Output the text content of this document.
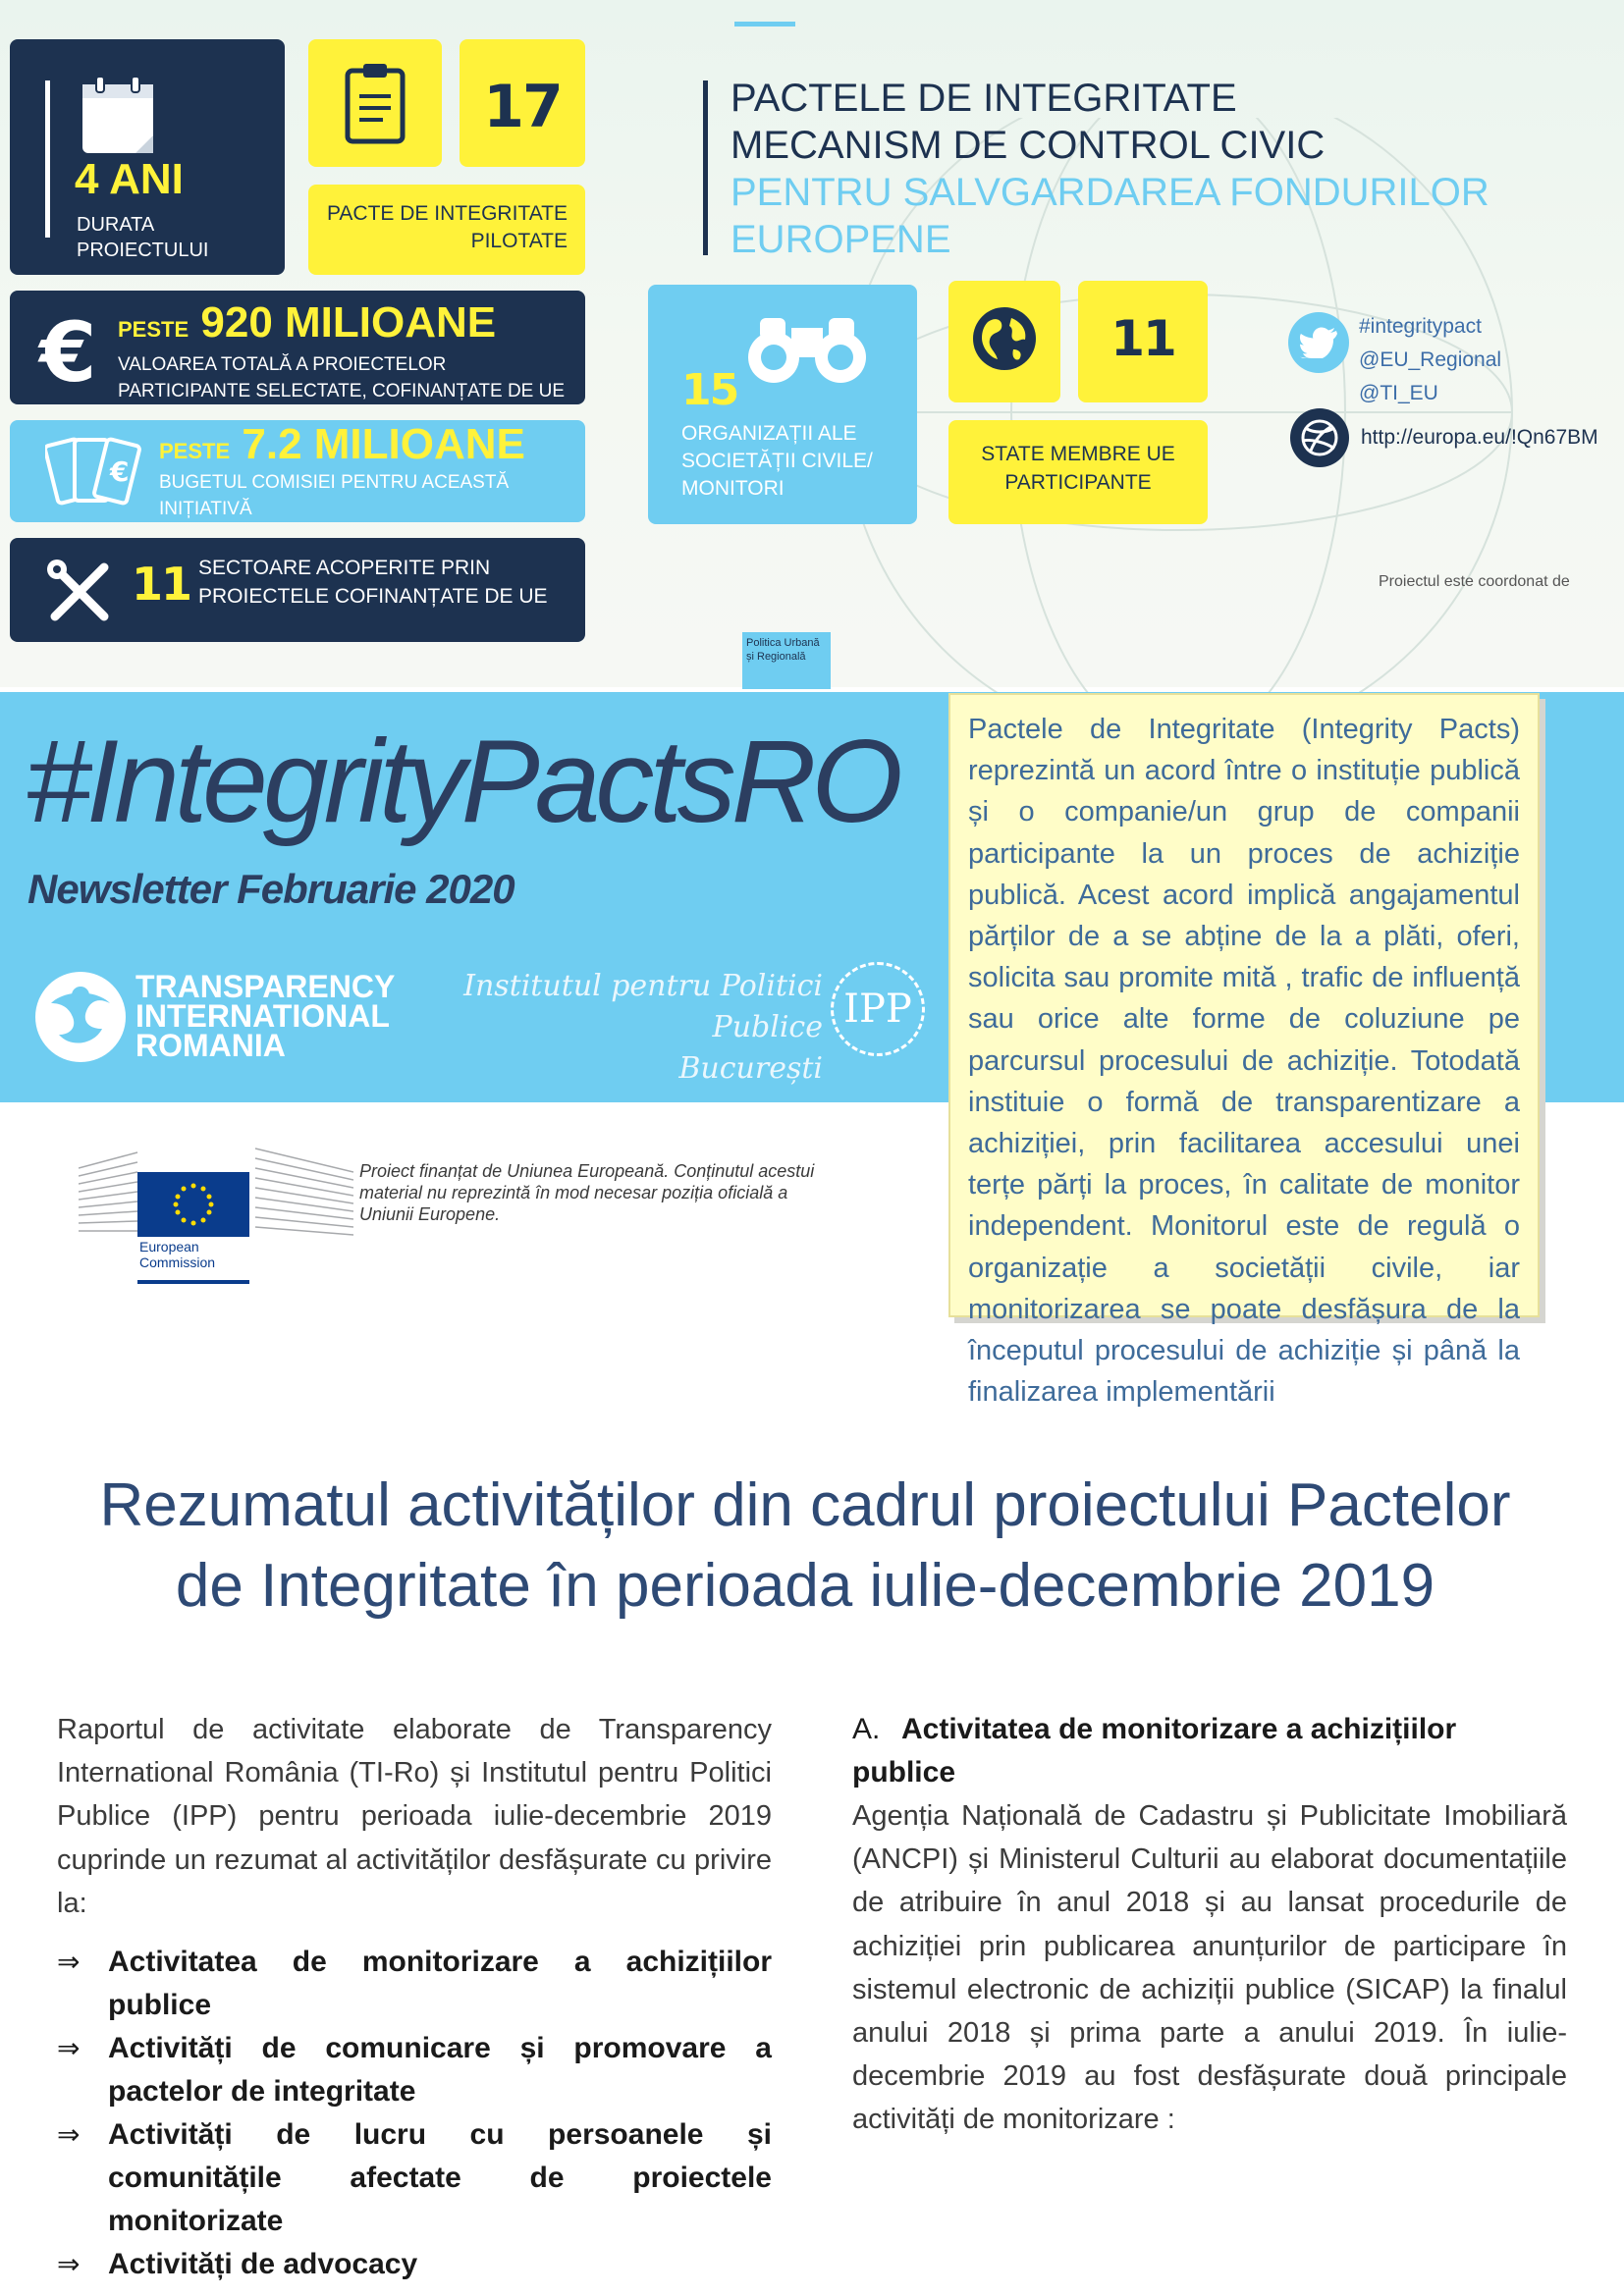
4 ANI
DURATA PROIECTULUI
17
PACTE DE INTEGRITATE PILOTATE
€ PESTE 920 MILIOANE
VALOAREA TOTALĂ A PROIECTELOR PARTICIPANTE SELECTATE, COFINANȚATE DE UE
€
PESTE 7.2 MILIOANE
BUGETUL COMISIEI PENTRU ACEASTĂ INIȚIATIVĂ
11 SECTOARE ACOPERITE PRIN PROIECTELE COFINANȚATE DE UE
PACTELE DE INTEGRITATE
MECANISM DE CONTROL CIVIC
PENTRU SALVGARDAREA FONDURILOR
EUROPENE
15
ORGANIZAȚII ALE SOCIETĂȚII CIVILE/ MONITORI
11
STATE MEMBRE UE PARTICIPANTE
#integritypact
@EU_Regional
@TI_EU
http://europa.eu/!Qn67BM
Proiectul este coordonat de
Politica Urbană și Regională
#IntegrityPactsRO
Newsletter Februarie 2020
TRANSPARENCY
INTERNATIONAL
ROMANIA
Institutul pentru Politici Publice
București
IPP
European
Commission
Proiect finanțat de Uniunea Europeană. Conținutul acestui material nu reprezintă în mod necesar poziția oficială a Uniunii Europene.

Pactele de Integritate (Integrity Pacts) reprezintă un acord între o instituție publică și o companie/un grup de companii participante la un proces de achiziție publică. Acest acord implică angajamentul părților de a se abține de la a plăti, oferi, solicita sau promite mită , trafic de influență sau orice alte forme de coluziune pe parcursul procesului de achiziție. Totodată instituie o formă de transparentizare a achiziției, prin facilitarea accesului unei terțe părți la proces, în calitate de monitor independent. Monitorul este de regulă o organizație a societății civile, iar monitorizarea se poate desfășura de la începutul procesului de achiziție și până la finalizarea implementării

Rezumatul activităților din cadrul proiectului Pactelor
de Integritate în perioada iulie-decembrie 2019
Raportul de activitate elaborate de Transparency International România (TI-Ro) și Institutul pentru Politici Publice (IPP) pentru perioada iulie-decembrie 2019 cuprinde un rezumat al activităților desfășurate cu privire la:
⇒ Activitatea de monitorizare a achizițiilor publice
⇒ Activități de comunicare și promovare a pactelor de integritate
⇒ Activități de lucru cu persoanele și comunitățile afectate de proiectele monitorizate
⇒ Activități de advocacy
A. Activitatea de monitorizare a achizițiilor publice
Agenția Națională de Cadastru și Publicitate Imobiliară (ANCPI) și Ministerul Culturii au elaborat documentațiile de atribuire în anul 2018 și au lansat procedurile de achiziției prin publicarea anunțurilor de participare în sistemul electronic de achiziții publice (SICAP) la finalul anului 2018 și prima parte a anului 2019. În iulie-decembrie 2019 au fost desfășurate două principale activități de monitorizare :
